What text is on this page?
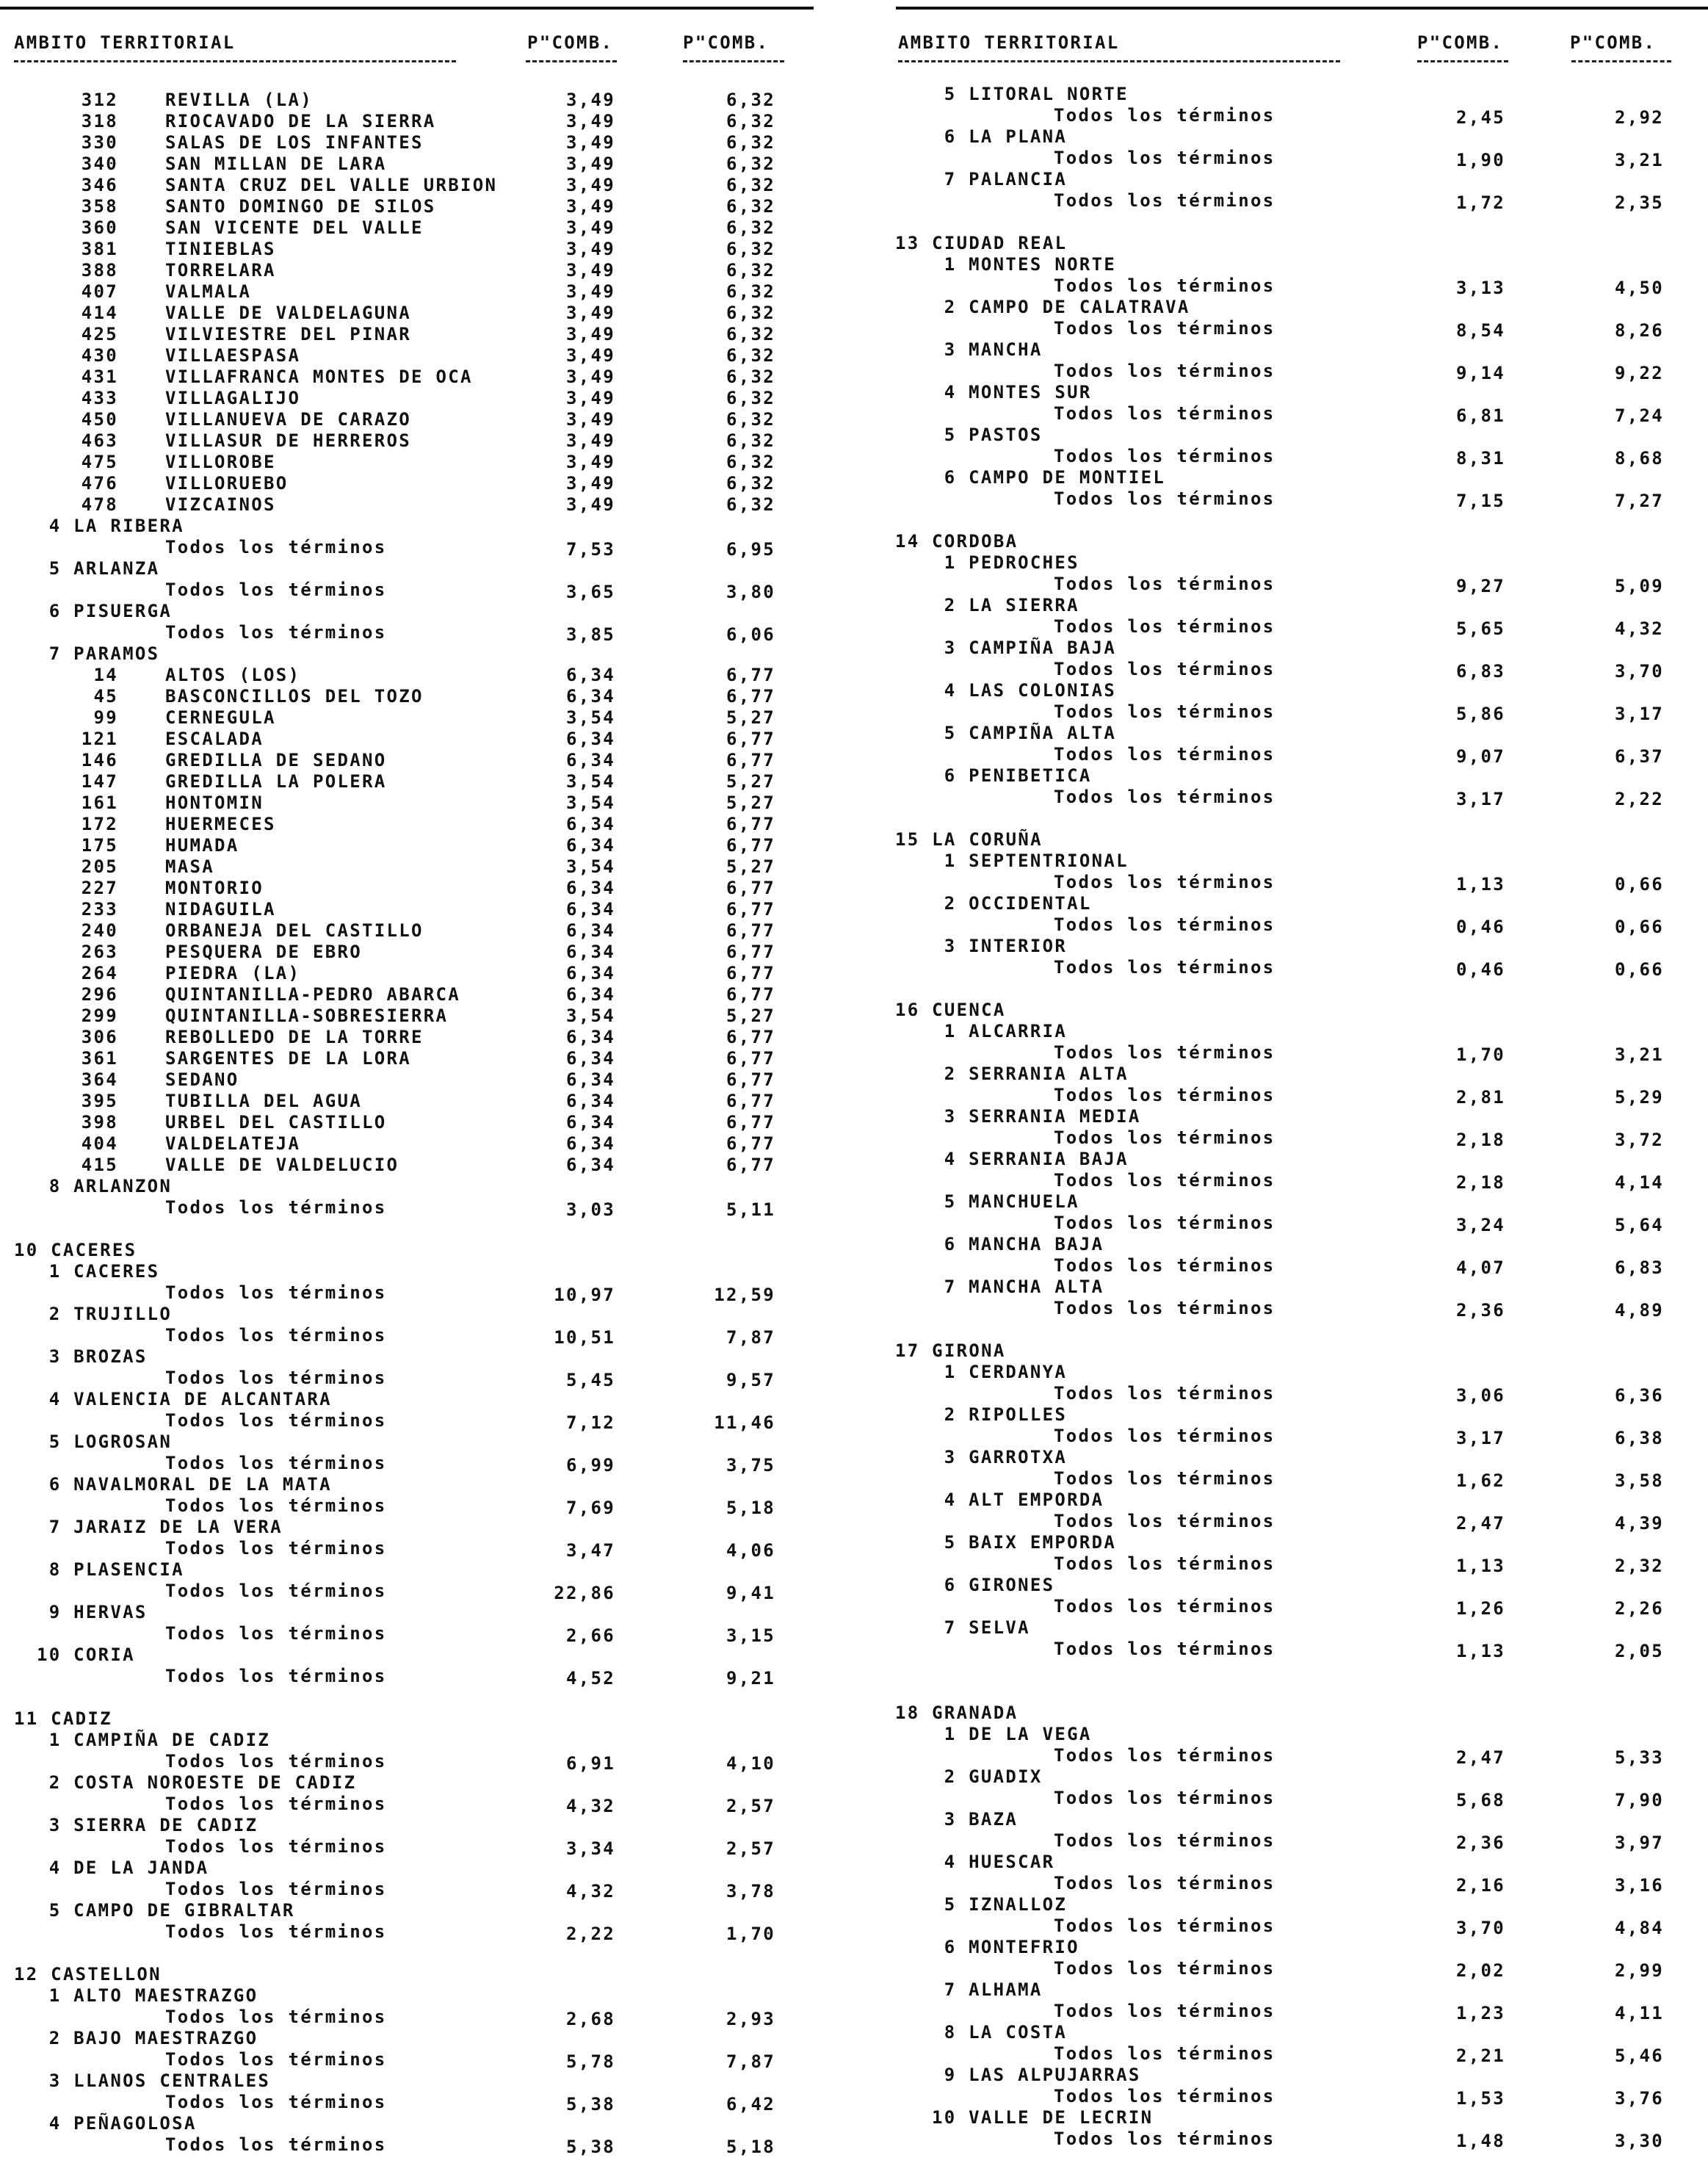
AMBITO TERRITORIAL	P"COMB.	P"COMB.
312	REVILLA (LA)	3,49	6,32
318	RIOCAVADO DE LA SIERRA	3,49	6,32
330	SALAS DE LOS INFANTES	3,49	6,32
340	SAN MILLAN DE LARA	3,49	6,32
346	SANTA CRUZ DEL VALLE URBION	3,49	6,32
358	SANTO DOMINGO DE SILOS	3,49	6,32
360	SAN VICENTE DEL VALLE	3,49	6,32
381	TINIEBLAS	3,49	6,32
388	TORRELARA	3,49	6,32
407	VALMALA	3,49	6,32
414	VALLE DE VALDELAGUNA	3,49	6,32
425	VILVIESTRE DEL PINAR	3,49	6,32
430	VILLAESPASA	3,49	6,32
431	VILLAFRANCA MONTES DE OCA	3,49	6,32
433	VILLAGALIJO	3,49	6,32
450	VILLANUEVA DE CARAZO	3,49	6,32
463	VILLASUR DE HERREROS	3,49	6,32
475	VILLOROBE	3,49	6,32
476	VILLORUEBO	3,49	6,32
478	VIZCAINOS	3,49	6,32
4 LA RIBERA
Todos los términos	7,53	6,95
5 ARLANZA
Todos los términos	3,65	3,80
6 PISUERGA
Todos los términos	3,85	6,06
7 PARAMOS
14	ALTOS (LOS)	6,34	6,77
45	BASCONCILLOS DEL TOZO	6,34	6,77
99	CERNEGULA	3,54	5,27
121	ESCALADA	6,34	6,77
146	GREDILLA DE SEDANO	6,34	6,77
147	GREDILLA LA POLERA	3,54	5,27
161	HONTOMIN	3,54	5,27
172	HUERMECES	6,34	6,77
175	HUMADA	6,34	6,77
205	MASA	3,54	5,27
227	MONTORIO	6,34	6,77
233	NIDAGUILA	6,34	6,77
240	ORBANEJA DEL CASTILLO	6,34	6,77
263	PESQUERA DE EBRO	6,34	6,77
264	PIEDRA (LA)	6,34	6,77
296	QUINTANILLA-PEDRO ABARCA	6,34	6,77
299	QUINTANILLA-SOBRESIERRA	3,54	5,27
306	REBOLLEDO DE LA TORRE	6,34	6,77
361	SARGENTES DE LA LORA	6,34	6,77
364	SEDANO	6,34	6,77
395	TUBILLA DEL AGUA	6,34	6,77
398	URBEL DEL CASTILLO	6,34	6,77
404	VALDELATEJA	6,34	6,77
415	VALLE DE VALDELUCIO	6,34	6,77
8 ARLANZON
Todos los términos	3,03	5,11
10 CACERES
1 CACERES
Todos los términos	10,97	12,59
2 TRUJILLO
Todos los términos	10,51	7,87
3 BROZAS
Todos los términos	5,45	9,57
4 VALENCIA DE ALCANTARA
Todos los términos	7,12	11,46
5 LOGROSAN
Todos los términos	6,99	3,75
6 NAVALMORAL DE LA MATA
Todos los términos	7,69	5,18
7 JARAIZ DE LA VERA
Todos los términos	3,47	4,06
8 PLASENCIA
Todos los términos	22,86	9,41
9 HERVAS
Todos los términos	2,66	3,15
10 CORIA
Todos los términos	4,52	9,21
11 CADIZ
1 CAMPIÑA DE CADIZ
Todos los términos	6,91	4,10
2 COSTA NOROESTE DE CADIZ
Todos los términos	4,32	2,57
3 SIERRA DE CADIZ
Todos los términos	3,34	2,57
4 DE LA JANDA
Todos los términos	4,32	3,78
5 CAMPO DE GIBRALTAR
Todos los términos	2,22	1,70
12 CASTELLON
1 ALTO MAESTRAZGO
Todos los términos	2,68	2,93
2 BAJO MAESTRAZGO
Todos los términos	5,78	7,87
3 LLANOS CENTRALES
Todos los términos	5,38	6,42
4 PEÑAGOLOSA
Todos los términos	5,38	5,18
AMBITO TERRITORIAL	P"COMB.	P"COMB.
5 LITORAL NORTE
Todos los términos	2,45	2,92
6 LA PLANA
Todos los términos	1,90	3,21
7 PALANCIA
Todos los términos	1,72	2,35
13 CIUDAD REAL
1 MONTES NORTE
Todos los términos	3,13	4,50
2 CAMPO DE CALATRAVA
Todos los términos	8,54	8,26
3 MANCHA
Todos los términos	9,14	9,22
4 MONTES SUR
Todos los términos	6,81	7,24
5 PASTOS
Todos los términos	8,31	8,68
6 CAMPO DE MONTIEL
Todos los términos	7,15	7,27
14 CORDOBA
1 PEDROCHES
Todos los términos	9,27	5,09
2 LA SIERRA
Todos los términos	5,65	4,32
3 CAMPIÑA BAJA
Todos los términos	6,83	3,70
4 LAS COLONIAS
Todos los términos	5,86	3,17
5 CAMPIÑA ALTA
Todos los términos	9,07	6,37
6 PENIBETICA
Todos los términos	3,17	2,22
15 LA CORUÑA
1 SEPTENTRIONAL
Todos los términos	1,13	0,66
2 OCCIDENTAL
Todos los términos	0,46	0,66
3 INTERIOR
Todos los términos	0,46	0,66
16 CUENCA
1 ALCARRIA
Todos los términos	1,70	3,21
2 SERRANIA ALTA
Todos los términos	2,81	5,29
3 SERRANIA MEDIA
Todos los términos	2,18	3,72
4 SERRANIA BAJA
Todos los términos	2,18	4,14
5 MANCHUELA
Todos los términos	3,24	5,64
6 MANCHA BAJA
Todos los términos	4,07	6,83
7 MANCHA ALTA
Todos los términos	2,36	4,89
17 GIRONA
1 CERDANYA
Todos los términos	3,06	6,36
2 RIPOLLES
Todos los términos	3,17	6,38
3 GARROTXA
Todos los términos	1,62	3,58
4 ALT EMPORDA
Todos los términos	2,47	4,39
5 BAIX EMPORDA
Todos los términos	1,13	2,32
6 GIRONES
Todos los términos	1,26	2,26
7 SELVA
Todos los términos	1,13	2,05
18 GRANADA
1 DE LA VEGA
Todos los términos	2,47	5,33
2 GUADIX
Todos los términos	5,68	7,90
3 BAZA
Todos los términos	2,36	3,97
4 HUESCAR
Todos los términos	2,16	3,16
5 IZNALLOZ
Todos los términos	3,70	4,84
6 MONTEFRIO
Todos los términos	2,02	2,99
7 ALHAMA
Todos los términos	1,23	4,11
8 LA COSTA
Todos los términos	2,21	5,46
9 LAS ALPUJARRAS
Todos los términos	1,53	3,76
10 VALLE DE LECRIN
Todos los términos	1,48	3,30
